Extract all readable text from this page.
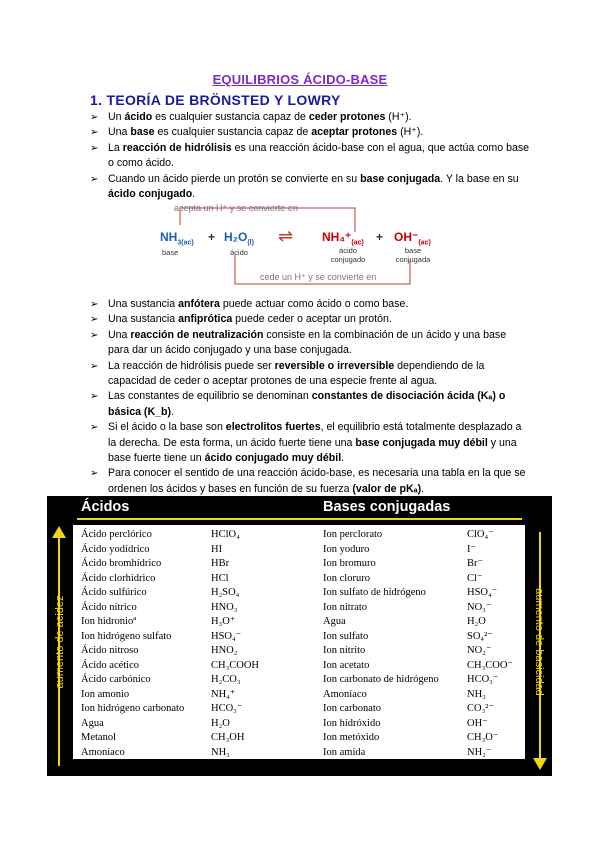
EQUILIBRIOS ÁCIDO-BASE
1. TEORÍA DE BRÖNSTED Y LOWRY
➢ Un ácido es cualquier sustancia capaz de ceder protones (H⁺).
➢ Una base es cualquier sustancia capaz de aceptar protones (H⁺).
➢ La reacción de hidrólisis es una reacción ácido-base con el agua, que actúa como base o como ácido.
➢ Cuando un ácido pierde un protón se convierte en su base conjugada. Y la base en su ácido conjugado.
acepta un H⁺ y se convierte en
cede un H⁺ y se convierte en
$NH_{3(ac)}$
base
+ $H_2O_{(l)}$
ácido
⇌ $NH_4^+_{(ac)}$
ácido conjugado
+ $OH^-_{(ac)}$
base conjugada
➢ Una sustancia anfótera puede actuar como ácido o como base.
➢ Una sustancia anfiprótica puede ceder o aceptar un protón.
➢ Una reacción de neutralización consiste en la combinación de un ácido y una base para dar un ácido conjugado y una base conjugada.
➢ La reacción de hidrólisis puede ser reversible o irreversible dependiendo de la capacidad de ceder o aceptar protones de una especie frente al agua.
➢ Las constantes de equilibrio se denominan constantes de disociación ácida (Kₐ) o básica (K_b).
➢ Si el ácido o la base son electrolitos fuertes, el equilibrio está totalmente desplazado a la derecha. De esta forma, un ácido fuerte tiene una base conjugada muy débil y una base fuerte tiene un ácido conjugado muy débil.
➢ Para conocer el sentido de una reacción ácido-base, es necesaria una tabla en la que se ordenen los ácidos y bases en función de su fuerza (valor de pKₐ).
Ácidos	Bases conjugadas
aumento de acidez	aumento de basicidad
Ácido perclórico	HClO₄	Ion perclorato	ClO₄⁻
Ácido yodídrico	HI	Ion yoduro	I⁻
Ácido bromhídrico	HBr	Ion bromuro	Br⁻
Ácido clorhídrico	HCl	Ion cloruro	Cl⁻
Ácido sulfúrico	H₂SO₄	Ion sulfato de hidrógeno	HSO₄⁻
Ácido nítrico	HNO₃	Ion nitrato	NO₃⁻
Ion hidronioª	H₃O⁺	Agua	H₂O
Ion hidrógeno sulfato	HSO₄⁻	Ion sulfato	SO₄²⁻
Ácido nitroso	HNO₂	Ion nitrito	NO₂⁻
Ácido acético	CH₃COOH	Ion acetato	CH₃COO⁻
Ácido carbónico	H₂CO₃	Ion carbonato de hidrógeno	HCO₃⁻
Ion amonio	NH₄⁺	Amoníaco	NH₃
Ion hidrógeno carbonato	HCO₃⁻	Ion carbonato	CO₃²⁻
Agua	H₂O	Ion hidróxido	OH⁻
Metanol	CH₃OH	Ion metóxido	CH₃O⁻
Amoníaco	NH₃	Ion amida	NH₂⁻
